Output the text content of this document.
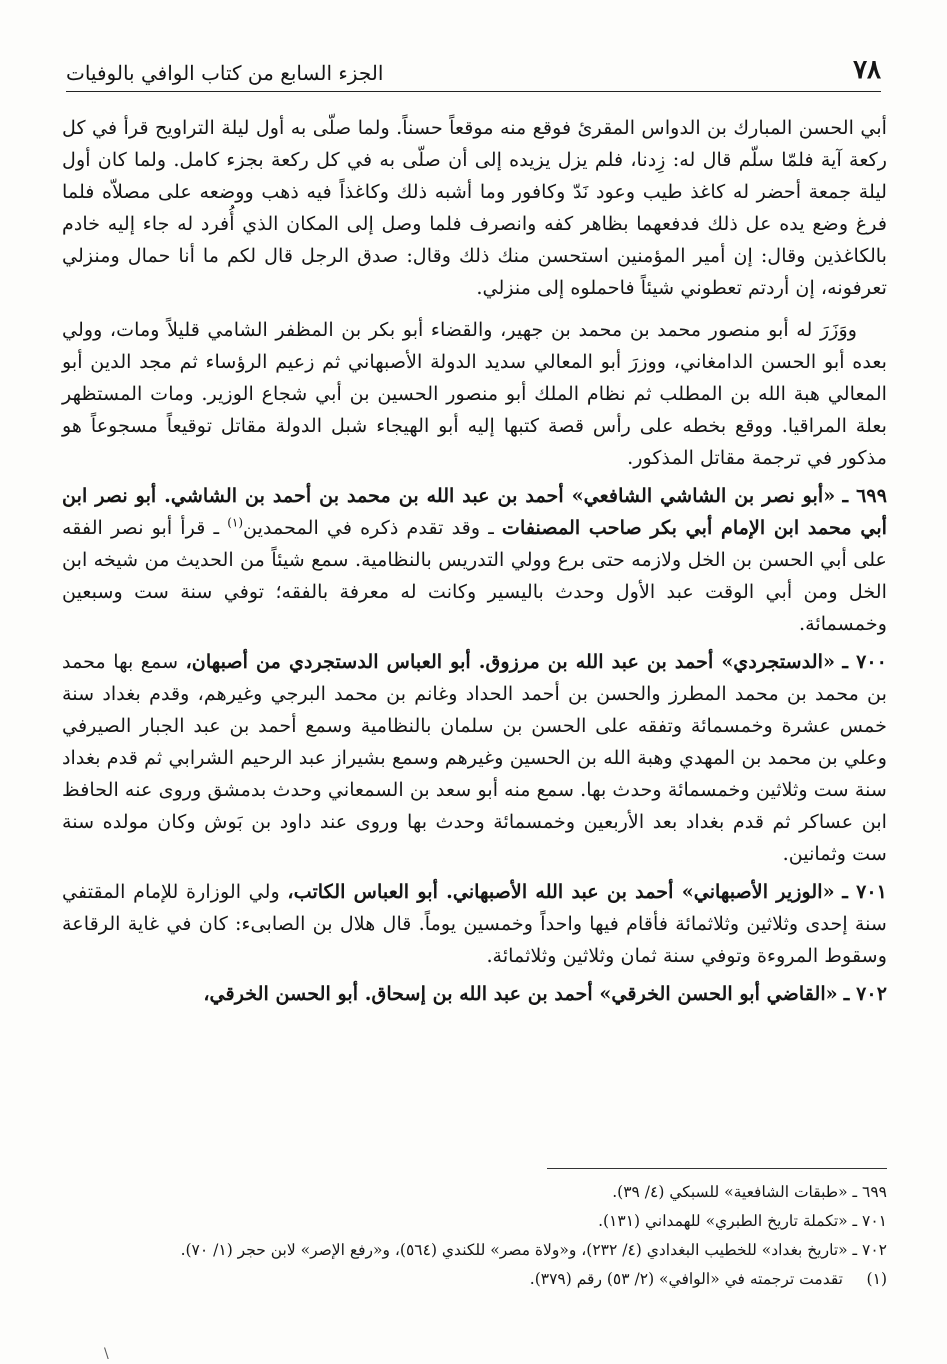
٧٨
الجزء السابع من كتاب الوافي بالوفيات

أبي الحسن المبارك بن الدواس المقرئ فوقع منه موقعاً حسناً. ولما صلّى به أول ليلة التراويح قرأ في كل ركعة آية فلمّا سلّم قال له: زِدنا، فلم يزل يزيده إلى أن صلّى به في كل ركعة بجزء كامل. ولما كان أول ليلة جمعة أحضر له كاغذ طيب وعود نَدّ وكافور وما أشبه ذلك وكاغذاً فيه ذهب ووضعه على مصلاّه فلما فرغ وضع يده عل ذلك فدفعهما بظاهر كفه وانصرف فلما وصل إلى المكان الذي أُفرد له جاء إليه خادم بالكاغذين وقال: إن أمير المؤمنين استحسن منك ذلك وقال: صدق الرجل قال لكم ما أنا حمال ومنزلي تعرفونه، إن أردتم تعطوني شيئاً فاحملوه إلى منزلي.

ووَزَرَ له أبو منصور محمد بن محمد بن جهير، والقضاء أبو بكر بن المظفر الشامي قليلاً ومات، وولي بعده أبو الحسن الدامغاني، ووزرَ أبو المعالي سديد الدولة الأصبهاني ثم زعيم الرؤساء ثم مجد الدين أبو المعالي هبة الله بن المطلب ثم نظام الملك أبو منصور الحسين بن أبي شجاع الوزير. ومات المستظهر بعلة المراقيا. ووقع بخطه على رأس قصة كتبها إليه أبو الهيجاء شبل الدولة مقاتل توقيعاً مسجوعاً هو مذكور في ترجمة مقاتل المذكور.

٦٩٩ ـ «أبو نصر بن الشاشي الشافعي» أحمد بن عبد الله بن محمد بن أحمد بن الشاشي. أبو نصر ابن أبي محمد ابن الإمام أبي بكر صاحب المصنفات ـ وقد تقدم ذكره في المحمدين$^{(١)}$ ـ قرأ أبو نصر الفقه على أبي الحسن بن الخل ولازمه حتى برع وولي التدريس بالنظامية. سمع شيئاً من الحديث من شيخه ابن الخل ومن أبي الوقت عبد الأول وحدث باليسير وكانت له معرفة بالفقه؛ توفي سنة ست وسبعين وخمسمائة.

٧٠٠ ـ «الدستجردي» أحمد بن عبد الله بن مرزوق. أبو العباس الدستجردي من أصبهان، سمع بها محمد بن محمد بن محمد المطرز والحسن بن أحمد الحداد وغانم بن محمد البرجي وغيرهم، وقدم بغداد سنة خمس عشرة وخمسمائة وتفقه على الحسن بن سلمان بالنظامية وسمع أحمد بن عبد الجبار الصيرفي وعلي بن محمد بن المهدي وهبة الله بن الحسين وغيرهم وسمع بشيراز عبد الرحيم الشرابي ثم قدم بغداد سنة ست وثلاثين وخمسمائة وحدث بها. سمع منه أبو سعد بن السمعاني وحدث بدمشق وروى عنه الحافظ ابن عساكر ثم قدم بغداد بعد الأربعين وخمسمائة وحدث بها وروى عند داود بن بَوش وكان مولده سنة ست وثمانين.

٧٠١ ـ «الوزير الأصبهاني» أحمد بن عبد الله الأصبهاني. أبو العباس الكاتب، ولي الوزارة للإمام المقتفي سنة إحدى وثلاثين وثلاثمائة فأقام فيها واحداً وخمسين يوماً. قال هلال بن الصابىء: كان في غاية الرقاعة وسقوط المروءة وتوفي سنة ثمان وثلاثين وثلاثمائة.

٧٠٢ ـ «القاضي أبو الحسن الخرقي» أحمد بن عبد الله بن إسحاق. أبو الحسن الخرقي،

٦٩٩ ـ «طبقات الشافعية» للسبكي (٤/ ٣٩).

٧٠١ ـ «تكملة تاريخ الطبري» للهمداني (١٣١).

٧٠٢ ـ «تاريخ بغداد» للخطيب البغدادي (٤/ ٢٣٢)، و«ولاة مصر» للكندي (٥٦٤)، و«رفع الإصر» لابن حجر (١/ ٧٠).

(١)تقدمت ترجمته في «الوافي» (٢/ ٥٣) رقم (٣٧٩).

\
